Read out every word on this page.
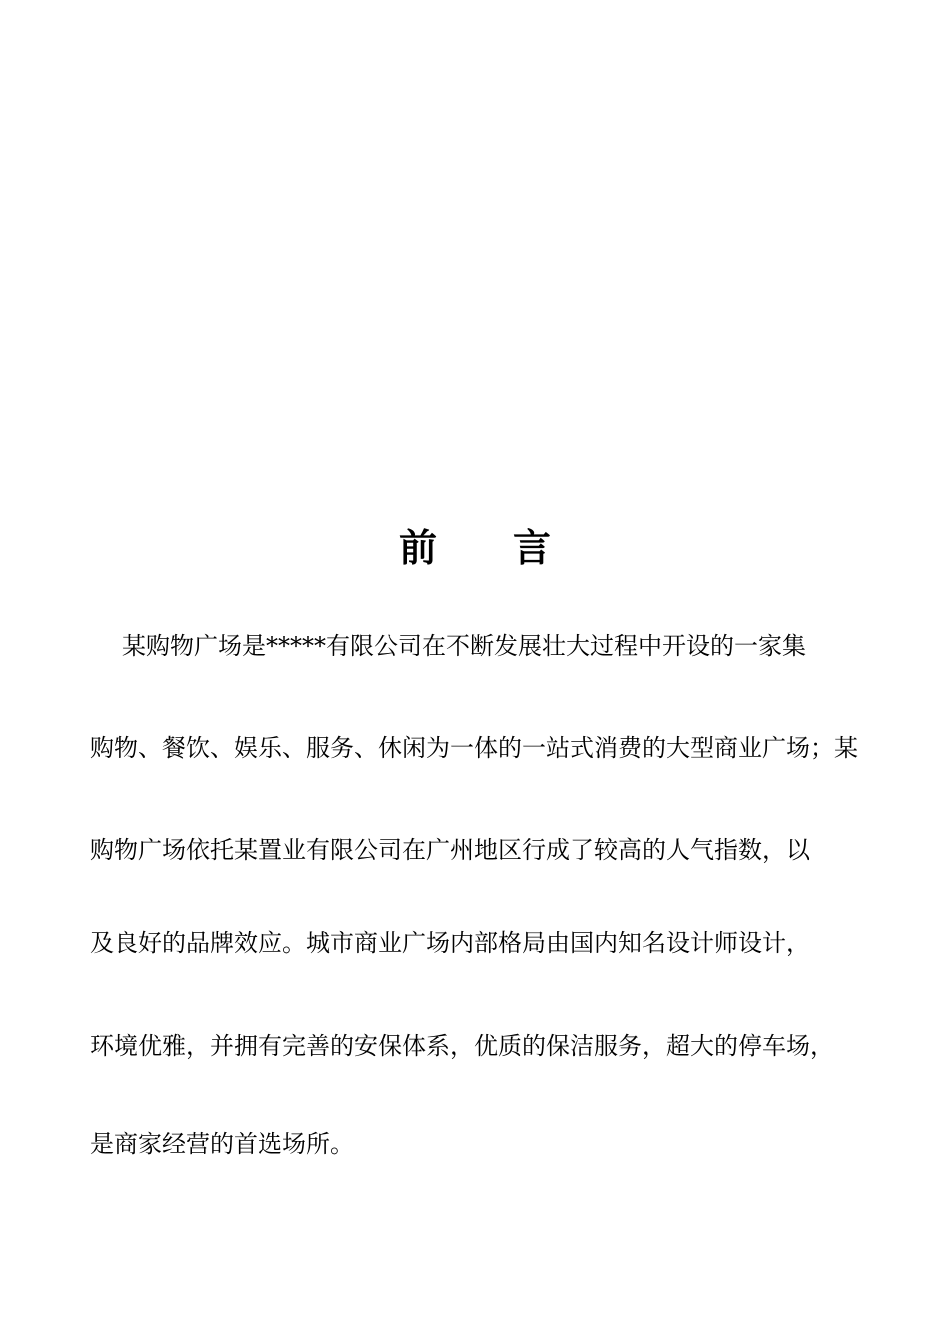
前言
某购物广场是*****有限公司在不断发展壮大过程中开设的一家集
购物、餐饮、娱乐、服务、休闲为一体的一站式消费的大型商业广场；某
购物广场依托某置业有限公司在广州地区行成了较高的人气指数，以
及良好的品牌效应。城市商业广场内部格局由国内知名设计师设计，
环境优雅，并拥有完善的安保体系，优质的保洁服务，超大的停车场，
是商家经营的首选场所。
